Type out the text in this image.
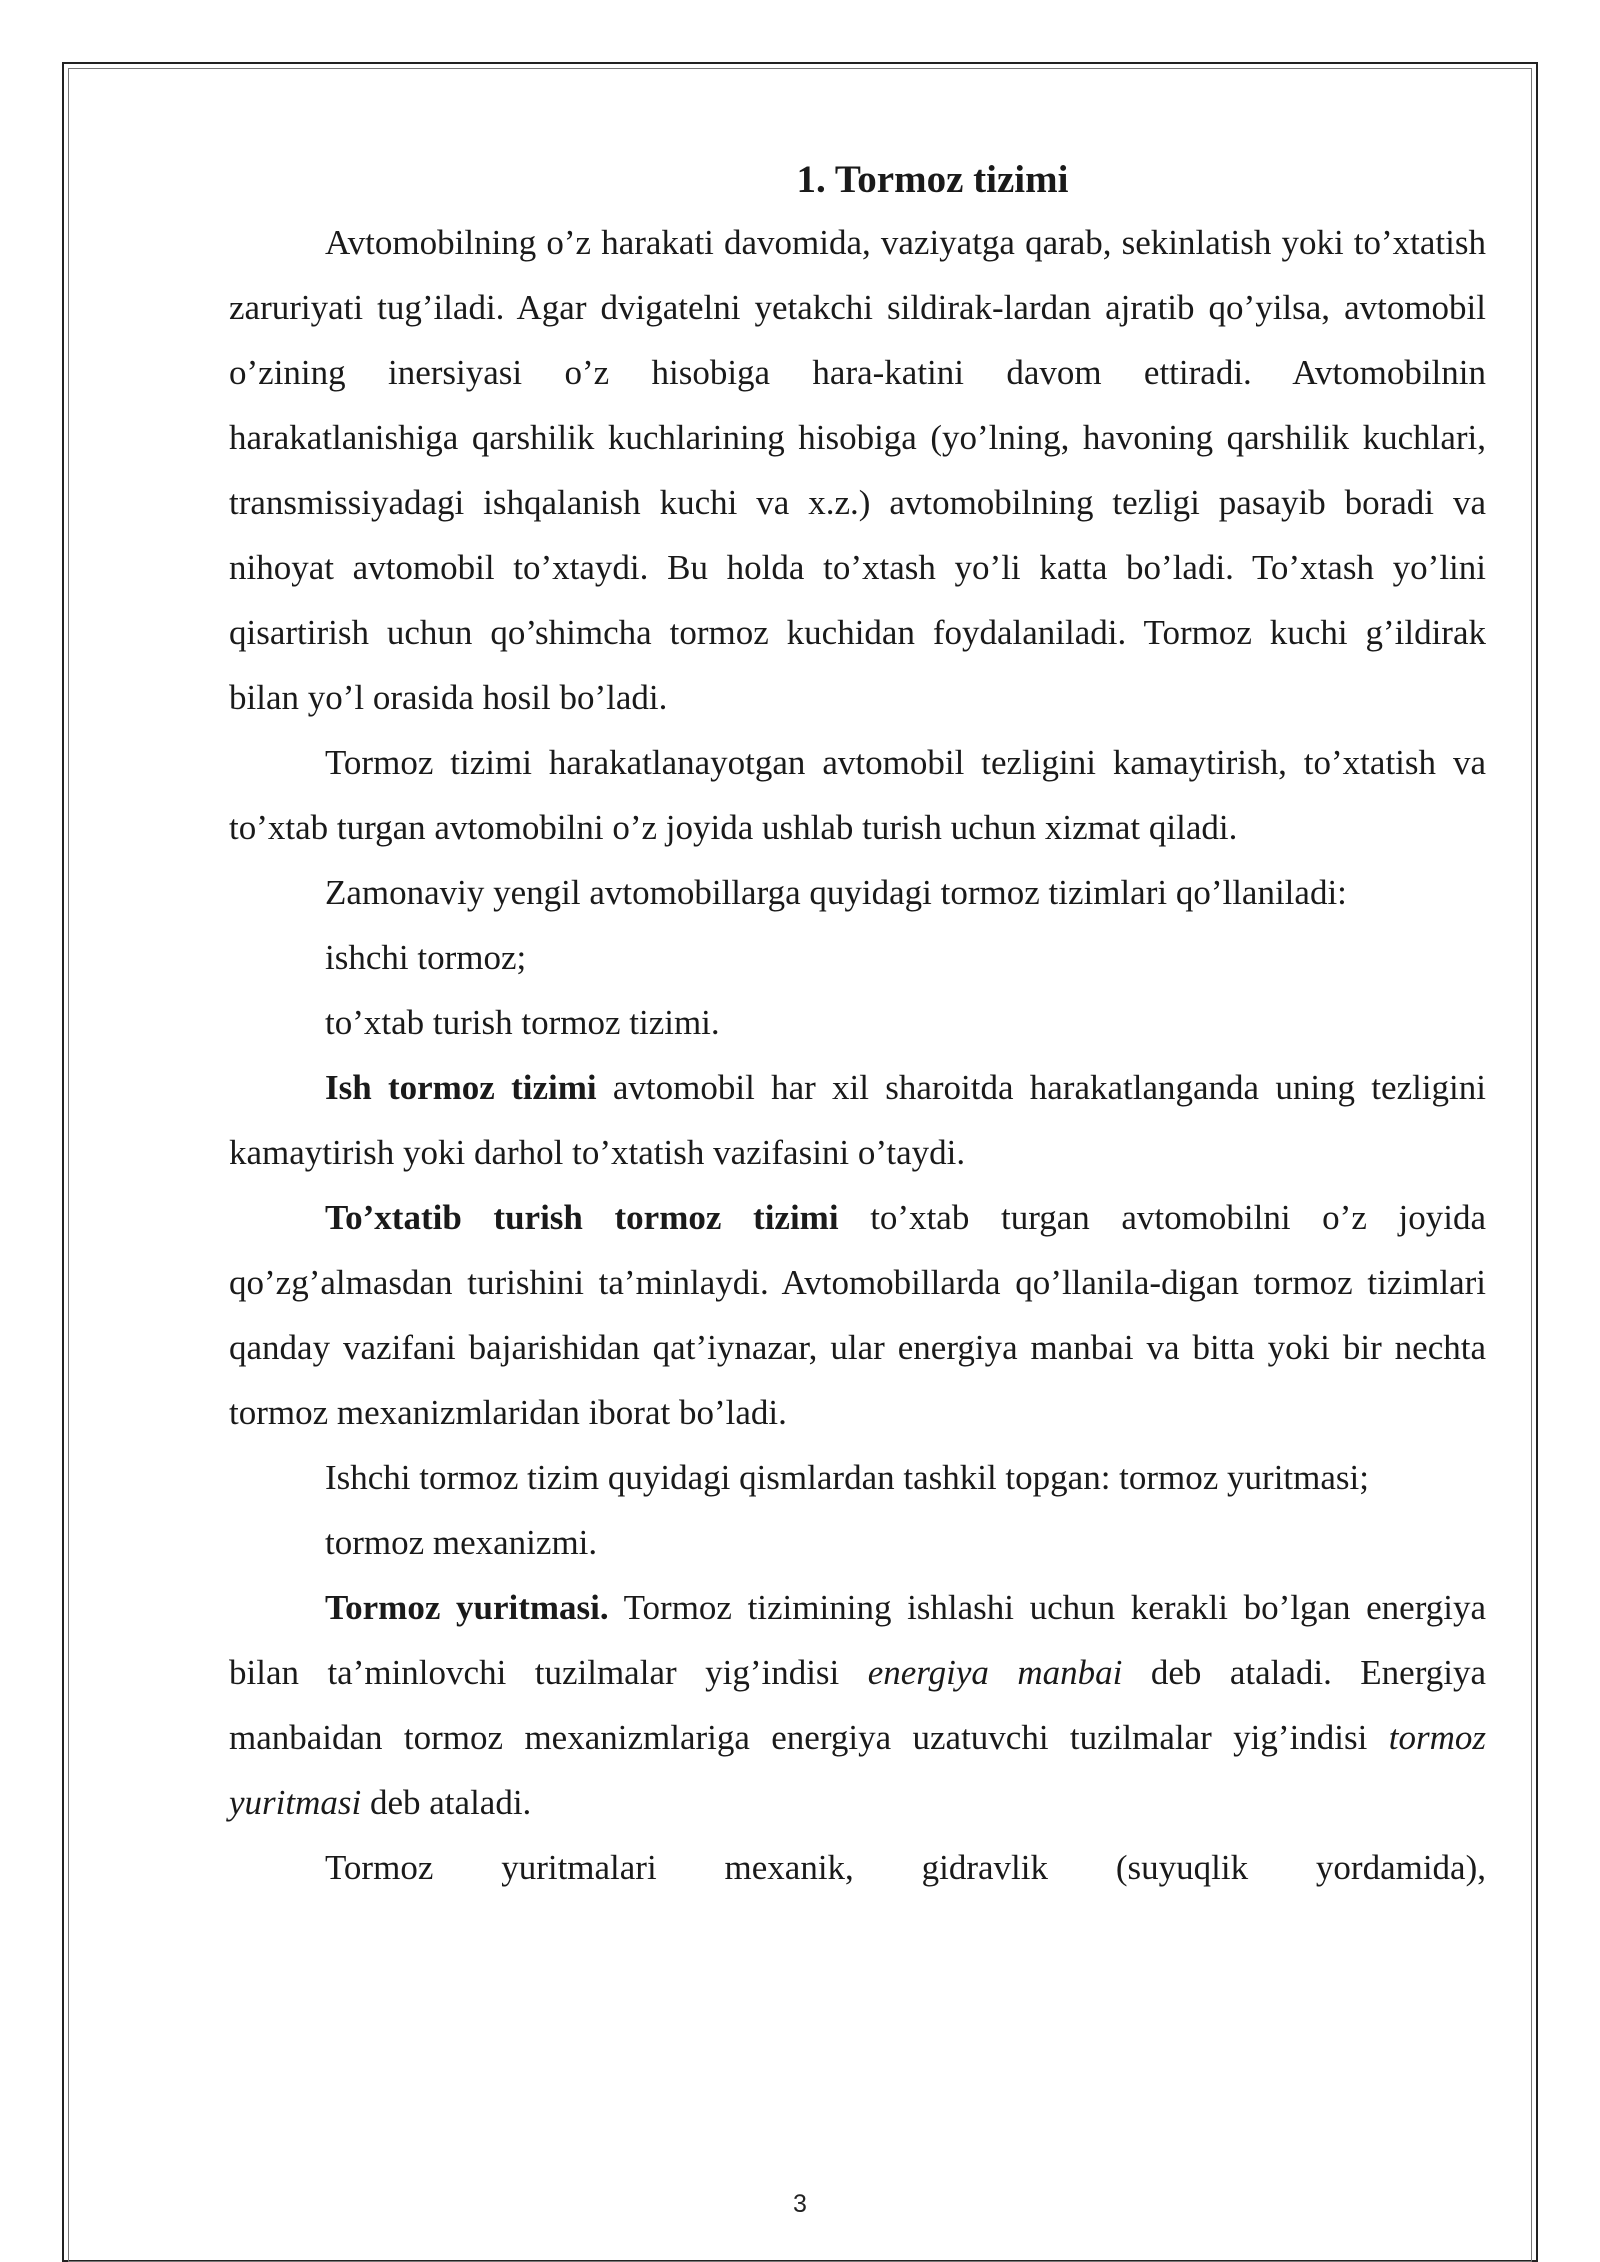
1. Tormoz tizimi

Avtomobilning o’z harakati davomida, vaziyatga qarab, sekinlatish yoki to’xtatish zaruriyati tug’iladi. Agar dvigatelni yetakchi sildirak-lardan ajratib qo’yilsa, avtomobil o’zining inersiyasi o’z hisobiga hara-katini davom ettiradi. Avtomobilnin harakatlanishiga qarshilik kuchlarining hisobiga (yo’lning, havoning qarshilik kuchlari, transmissiyadagi ishqalanish kuchi va x.z.) avtomobilning tezligi pasayib boradi va nihoyat avtomobil to’xtaydi. Bu holda to’xtash yo’li katta bo’ladi. To’xtash yo’lini qisartirish uchun qo’shimcha tormoz kuchidan foydalaniladi. Tormoz kuchi g’ildirak bilan yo’l orasida hosil bo’ladi.

Tormoz tizimi harakatlanayotgan avtomobil tezligini kamaytirish, to’xtatish va to’xtab turgan avtomobilni o’z joyida ushlab turish uchun xizmat qiladi.

Zamonaviy yengil avtomobillarga quyidagi tormoz tizimlari qo’llaniladi:

ishchi tormoz;

to’xtab turish tormoz tizimi.

Ish tormoz tizimi avtomobil har xil sharoitda harakatlanganda uning tezligini kamaytirish yoki darhol to’xtatish vazifasini o’taydi.

To’xtatib turish tormoz tizimi to’xtab turgan avtomobilni o’z joyida qo’zg’almasdan turishini ta’minlaydi. Avtomobillarda qo’llanila-digan tormoz tizimlari qanday vazifani bajarishidan qat’iynazar, ular energiya manbai va bitta yoki bir nechta tormoz mexanizmlaridan iborat bo’ladi.

Ishchi tormoz tizim quyidagi qismlardan tashkil topgan: tormoz yuritmasi;

tormoz mexanizmi.

Tormoz yuritmasi. Tormoz tizimining ishlashi uchun kerakli bo’lgan energiya bilan ta’minlovchi tuzilmalar yig’indisi energiya manbai deb ataladi. Energiya manbaidan tormoz mexanizmlariga energiya uzatuvchi tuzilmalar yig’indisi tormoz yuritmasi deb ataladi.

Tormoz yuritmalari mexanik, gidravlik (suyuqlik yordamida),

3
